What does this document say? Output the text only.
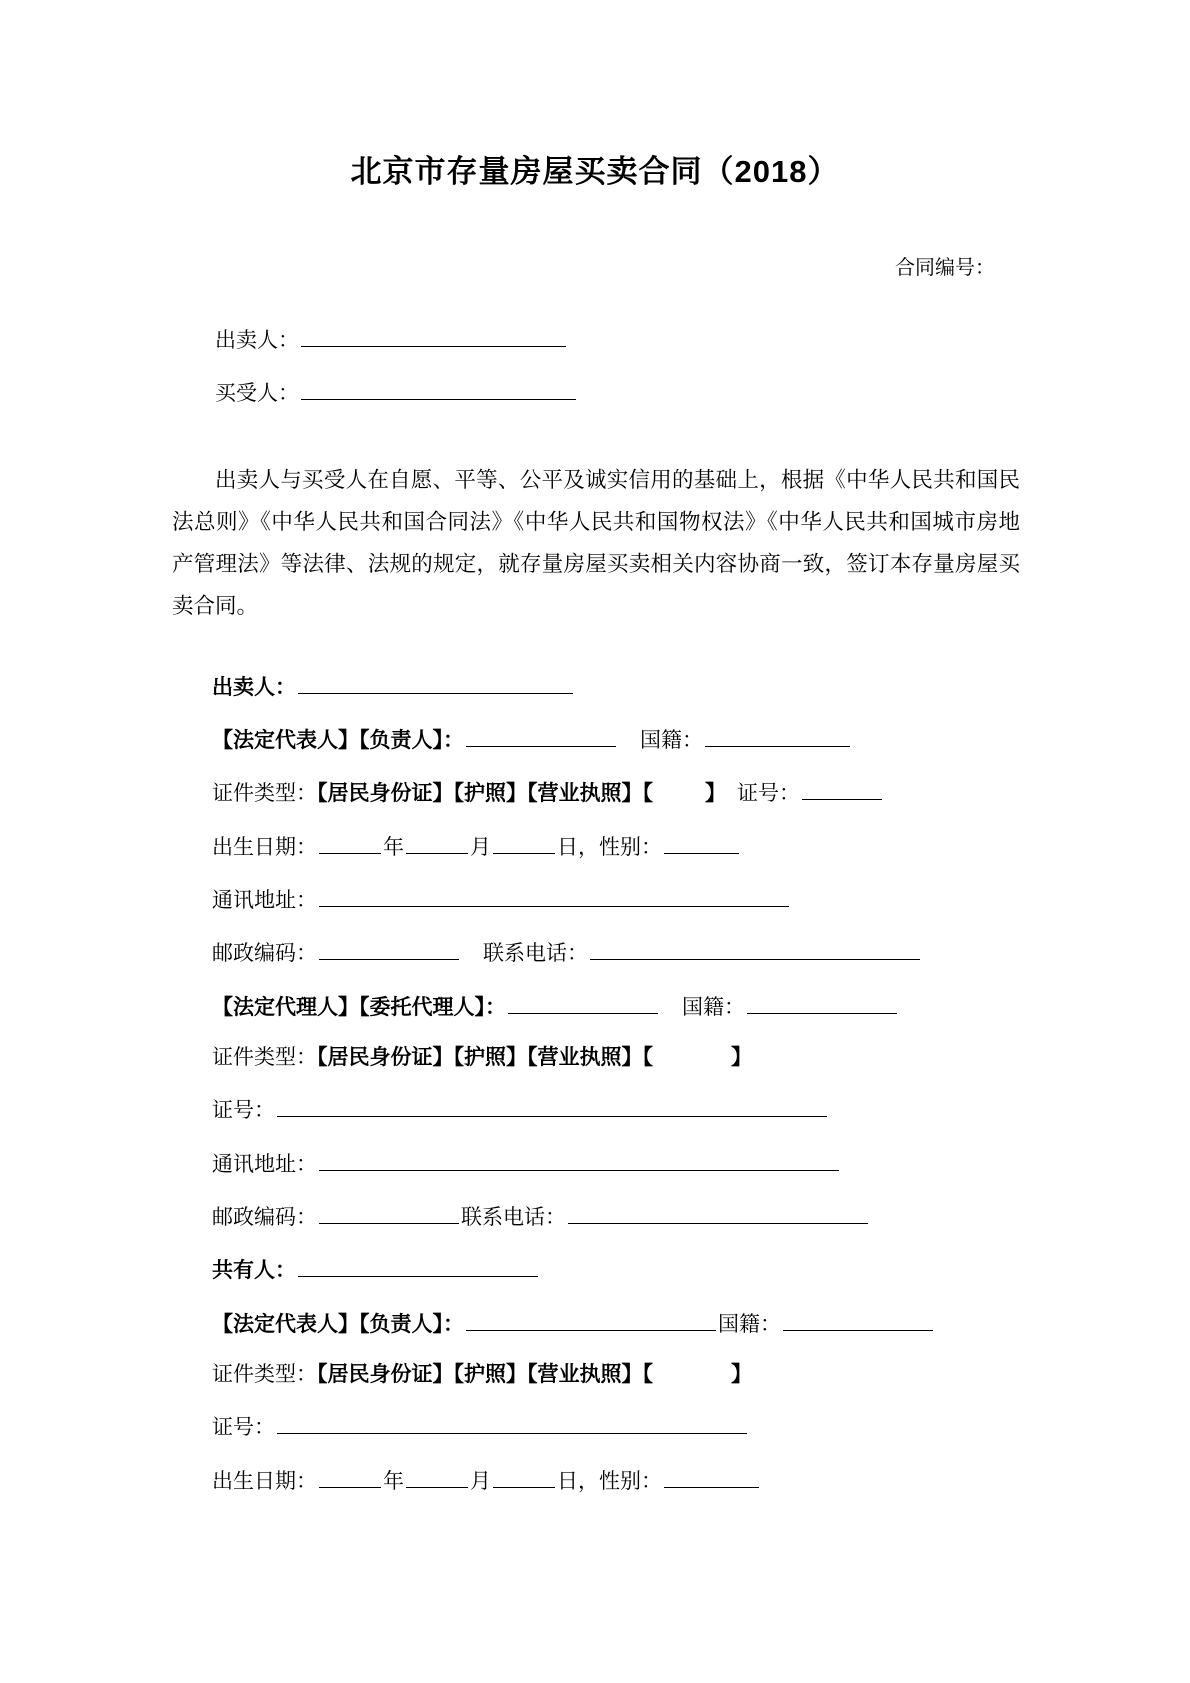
北京市存量房屋买卖合同（2018）
合同编号：
出卖人：
买受人：

出卖人与买受人在自愿、平等、公平及诚实信用的基础上，根据《中华人民共和国民法总则》《中华人民共和国合同法》《中华人民共和国物权法》《中华人民共和国城市房地产管理法》等法律、法规的规定，就存量房屋买卖相关内容协商一致，签订本存量房屋买卖合同。

出卖人：
【法定代表人】【负责人】：	国籍：
证件类型：【居民身份证】【护照】【营业执照】【 】 证号：
出生日期：	年	月	日，性别：
通讯地址：
邮政编码：	联系电话：
【法定代理人】【委托代理人】：	国籍：
证件类型：【居民身份证】【护照】【营业执照】【	】
证号：
通讯地址：
邮政编码：	联系电话：
共有人：
【法定代表人】【负责人】：	国籍：
证件类型：【居民身份证】【护照】【营业执照】【	】
证号：
出生日期：	年	月	日，性别：
